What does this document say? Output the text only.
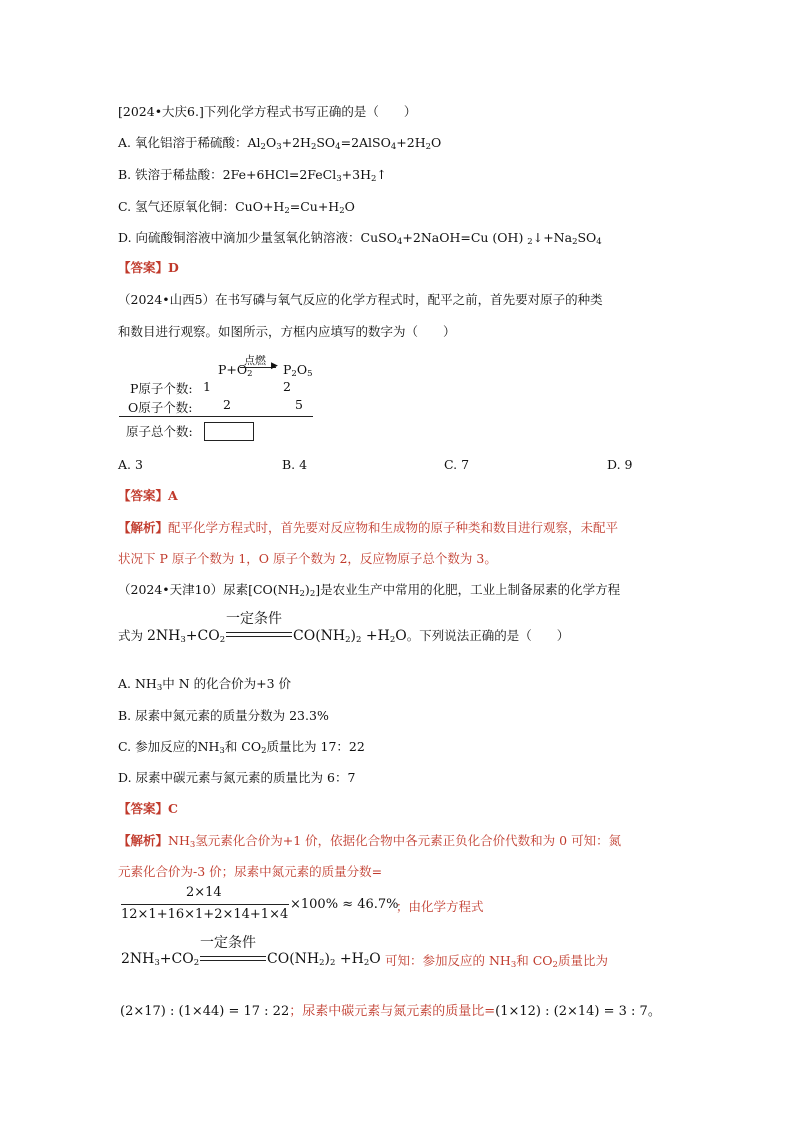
[2024•大庆6.]下列化学方程式书写正确的是（　　）
A. 氧化铝溶于稀硫酸：$Al_2O_3+2H_2SO_4=2AlSO_4+2H_2O$
B. 铁溶于稀盐酸：$2Fe+6HCl=2FeCl_3+3H_2↑$
C. 氢气还原氧化铜：$CuO+H_2=Cu+H_2O$
D. 向硫酸铜溶液中滴加少量氢氧化钠溶液：CuSO$_4$+2NaOH=Cu (OH) $_2↓+Na_2SO_4$
【答案】D
（2024•山西5）在书写磷与氧气反应的化学方程式时，配平之前，首先要对原子的种类
和数目进行观察。如图所示，方框内应填写的数字为（　　）
$P+O_2$
点燃 ▶ $P_2O_5$
P原子个数: 1	2
O原子个数: 2	5
原子总个数:
A. 3	B. 4	C. 7	D. 9
【答案】A
【解析】配平化学方程式时，首先要对反应物和生成物的原子种类和数目进行观察，未配平
状况下 P 原子个数为 1，O 原子个数为 2，反应物原子总个数为 3。
（2024•天津10）尿素$[CO(NH_2)_2]$是农业生产中常用的化肥，工业上制备尿素的化学方程
式为 $2NH_3+CO_2$
一定条件
$CO(NH_2)_2 +H_2O$。下列说法正确的是（　　）
A. $NH_3$中 N 的化合价为+3 价
B. 尿素中氮元素的质量分数为 23.3%
C. 参加反应的$NH_3$和 $CO_2$质量比为 17：22
D. 尿素中碳元素与氮元素的质量比为 6：7
【答案】C
【解析】$NH_3$氢元素化合价为+1 价，依据化合物中各元素正负化合价代数和为 0 可知：氮
元素化合价为-3 价；尿素中氮元素的质量分数=
2×14
12×1+16×1+2×14+1×4
×100% ≈ 46.7%
；由化学方程式
$2NH_3+CO_2$
一定条件
$CO(NH_2)_2 +H_2O$ 可知：参加反应的 $NH_3$和 $CO_2$质量比为
(2×17) : (1×44) = 17 : 22；尿素中碳元素与氮元素的质量比=(1×12) : (2×14) = 3 : 7。
